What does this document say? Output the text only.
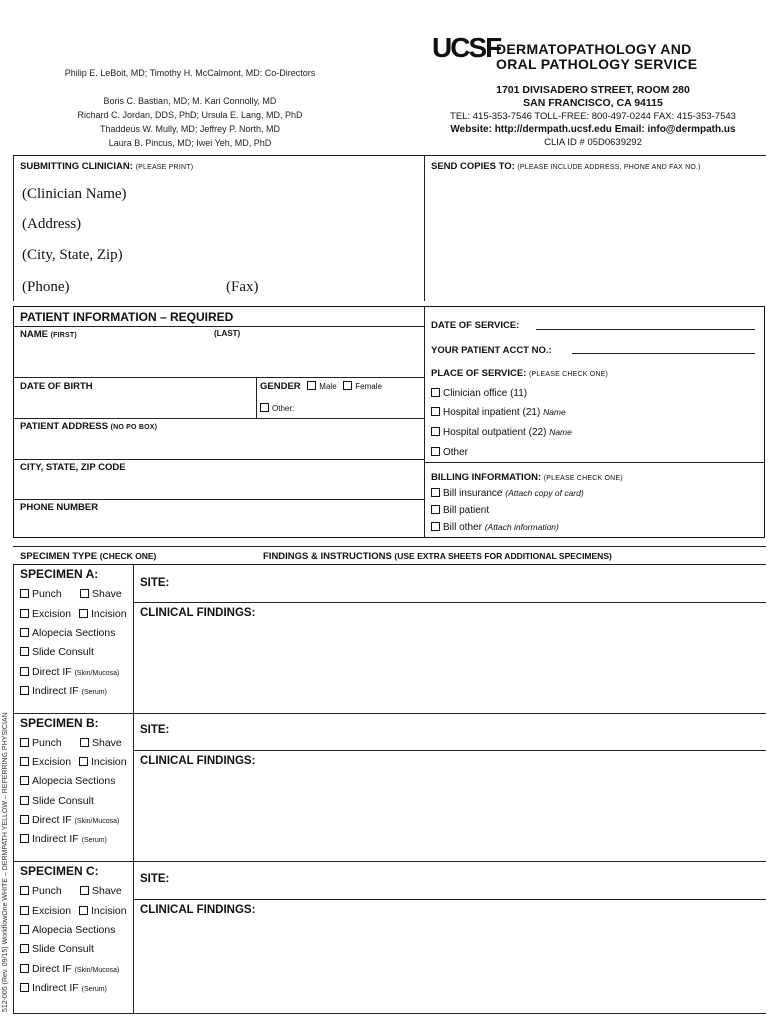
Philip E. LeBoit, MD; Timothy H. McCalmont, MD: Co-Directors
Boris C. Bastian, MD; M. Kari Connolly, MD
Richard C. Jordan, DDS, PhD; Ursula E. Lang, MD, PhD
Thaddeus W. Mully, MD; Jeffrey P. North, MD
Laura B. Pincus, MD; Iwei Yeh, MD, PhD
UCSF
DERMATOPATHOLOGY AND
ORAL PATHOLOGY SERVICE
1701 DIVISADERO STREET, ROOM 280
SAN FRANCISCO, CA 94115
TEL: 415-353-7546 TOLL-FREE: 800-497-0244 FAX: 415-353-7543
Website: http://dermpath.ucsf.edu Email: info@dermpath.us
CLIA ID # 05D0639292
SUBMITTING CLINICIAN: (PLEASE PRINT)
(Clinician Name)
(Address)
(City, State, Zip)
(Phone)	(Fax)
SEND COPIES TO: (PLEASE INCLUDE ADDRESS, PHONE AND FAX NO.)
PATIENT INFORMATION – REQUIRED
NAME (FIRST)	(LAST)
DATE OF BIRTH	GENDER Male Female
Other:
PATIENT ADDRESS (NO PO BOX)
CITY, STATE, ZIP CODE
PHONE NUMBER
DATE OF SERVICE:
YOUR PATIENT ACCT NO.:
PLACE OF SERVICE: (PLEASE CHECK ONE)
Clinician office (11)
Hospital inpatient (21) Name
Hospital outpatient (22) Name
Other
BILLING INFORMATION: (PLEASE CHECK ONE)
Bill insurance (Attach copy of card)
Bill patient
Bill other (Attach information)
SPECIMEN TYPE (CHECK ONE)	FINDINGS & INSTRUCTIONS (USE EXTRA SHEETS FOR ADDITIONAL SPECIMENS)
SPECIMEN A:
Punch	Shave
Excision	Incision
Alopecia Sections
Slide Consult
Direct IF (Skin/Mucosa)
Indirect IF (Serum)
SITE:
CLINICAL FINDINGS:
SPECIMEN B:
Punch	Shave
Excision	Incision
Alopecia Sections
Slide Consult
Direct IF (Skin/Mucosa)
Indirect IF (Serum)
SITE:
CLINICAL FINDINGS:
SPECIMEN C:
Punch	Shave
Excision	Incision
Alopecia Sections
Slide Consult
Direct IF (Skin/Mucosa)
Indirect IF (Serum)
SITE:
CLINICAL FINDINGS:
512-005 (Rev. 09/15) WorkflowOne WHITE – DERMPATH YELLOW – REFERRING PHYSICIAN
